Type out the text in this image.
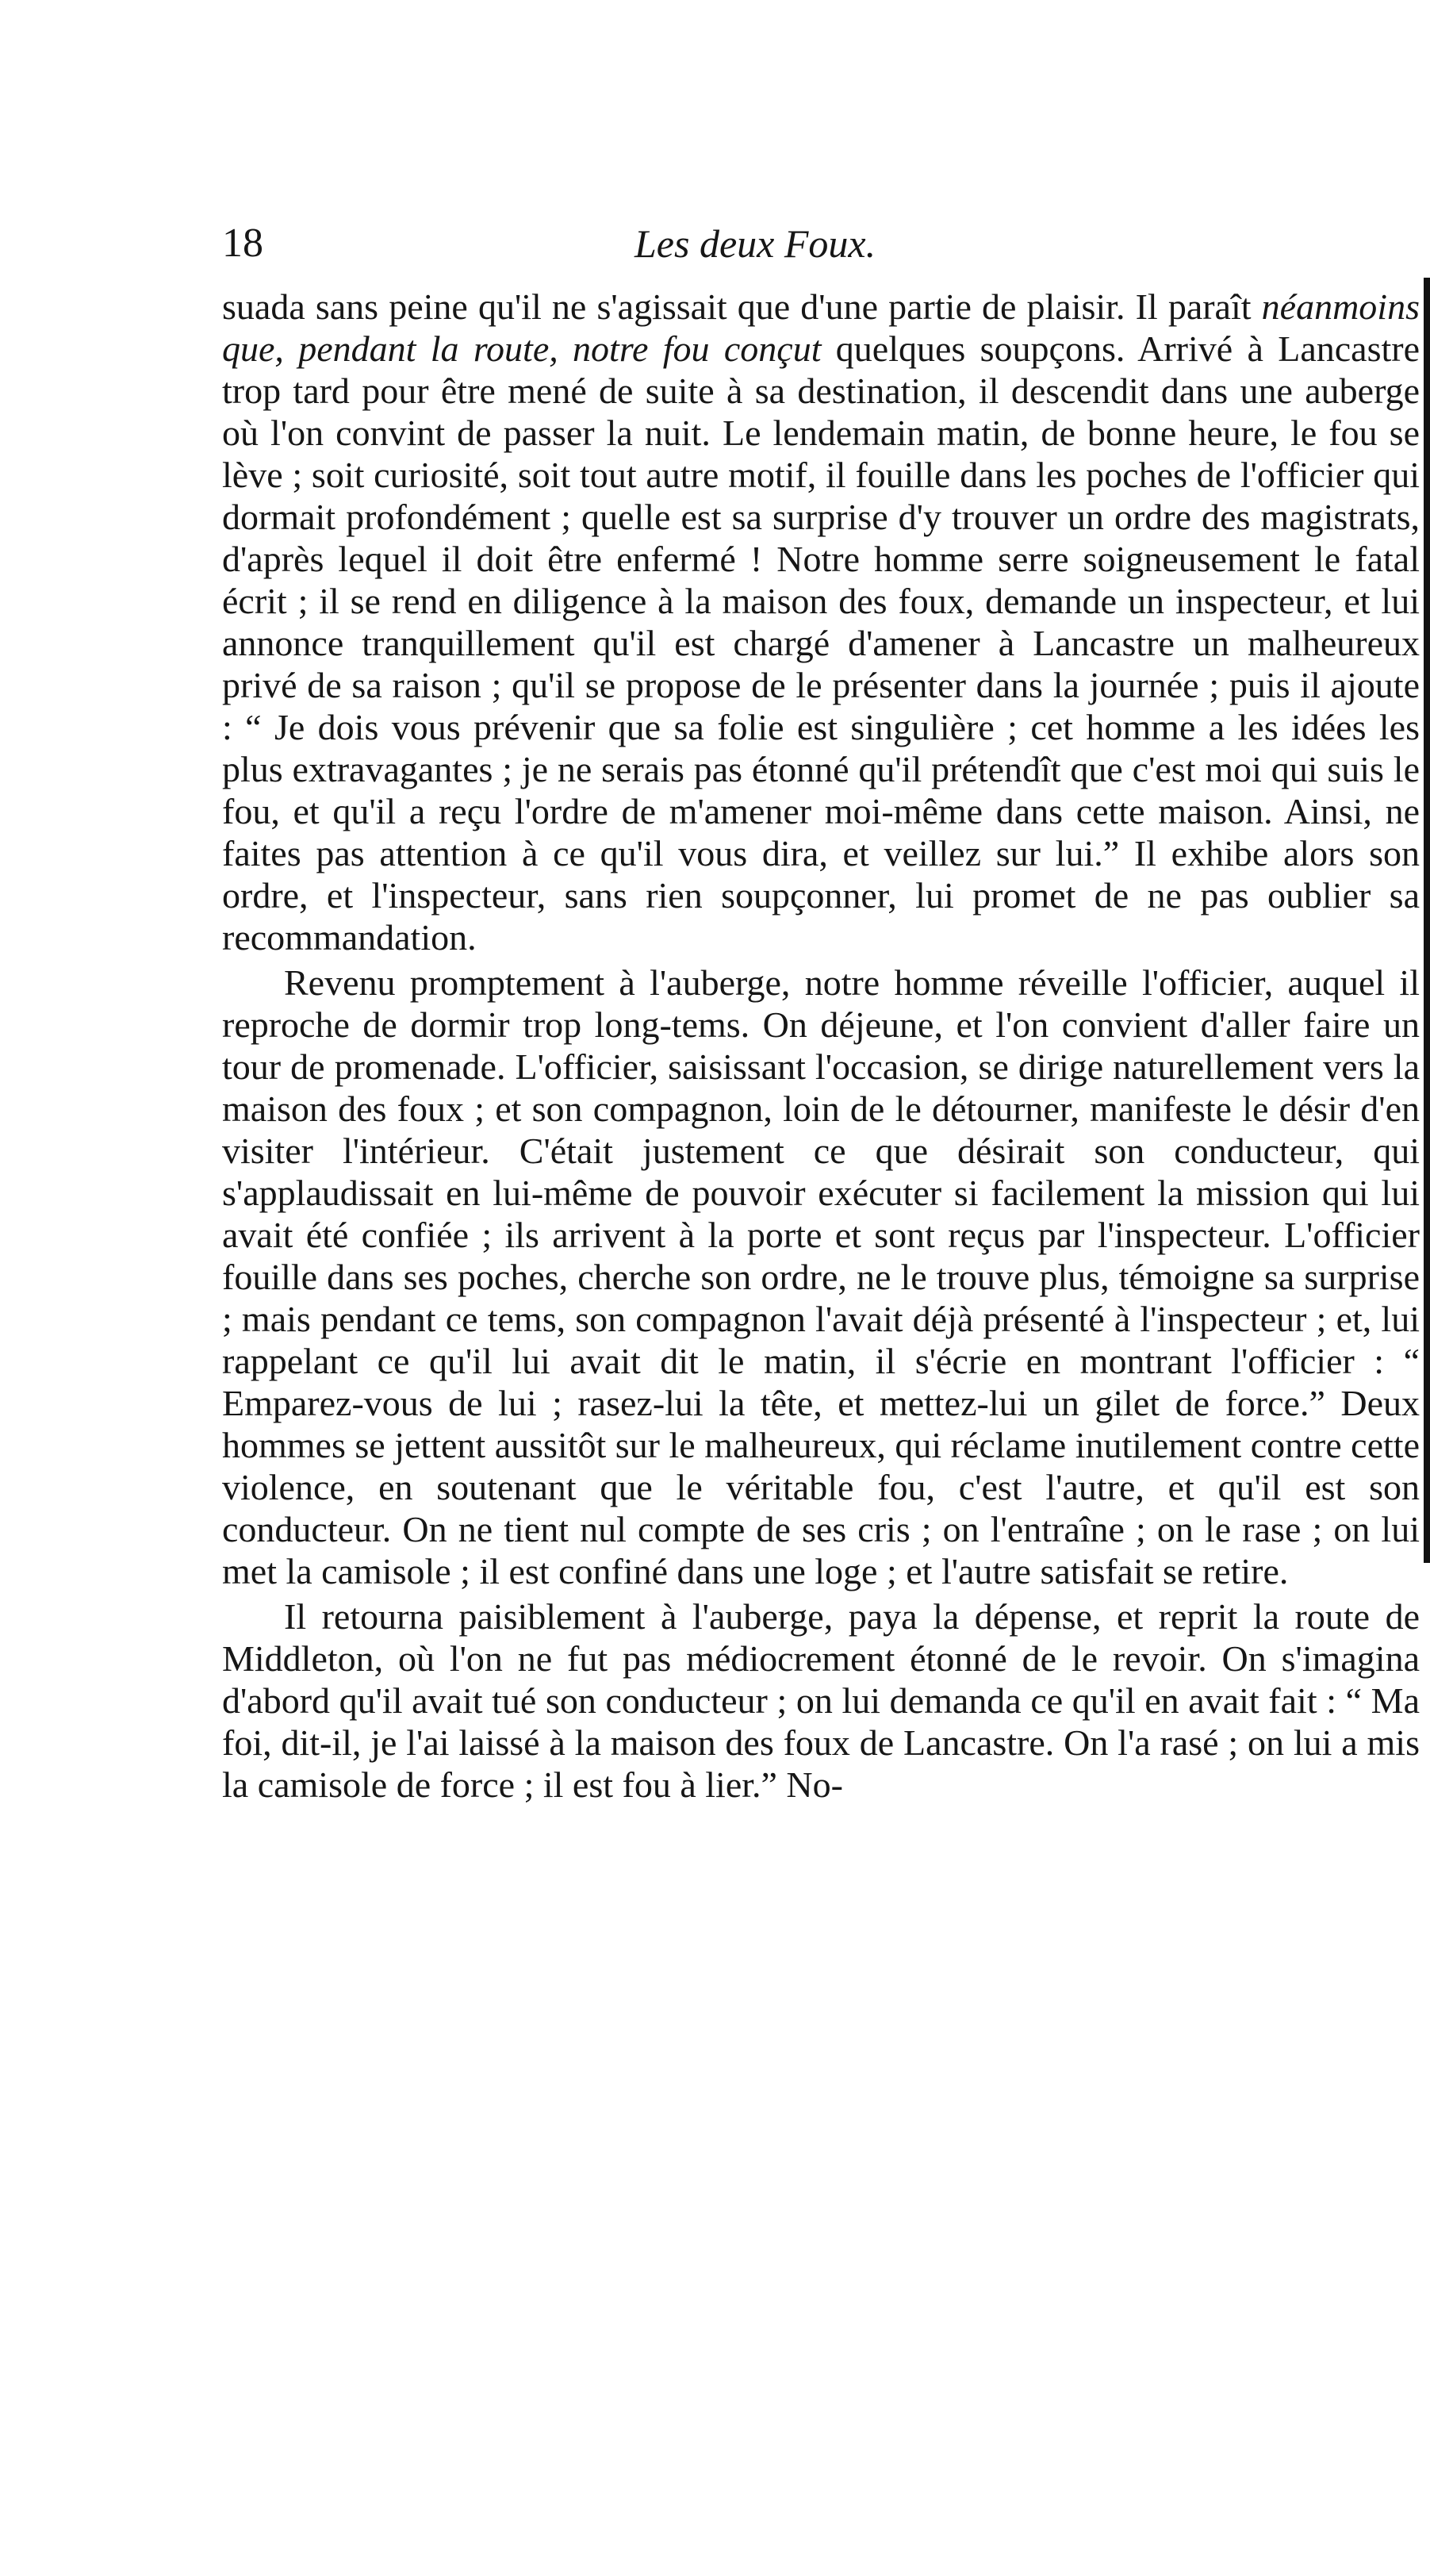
18	Les deux Foux.

suada sans peine qu'il ne s'agissait que d'une partie de plaisir. Il paraît néanmoins que, pendant la route, notre fou conçut quelques soupçons. Arrivé à Lancastre trop tard pour être mené de suite à sa destination, il descendit dans une auberge où l'on convint de passer la nuit. Le lendemain matin, de bonne heure, le fou se lève ; soit curiosité, soit tout autre motif, il fouille dans les poches de l'officier qui dormait profondément ; quelle est sa surprise d'y trouver un ordre des magistrats, d'après lequel il doit être enfermé ! Notre homme serre soigneusement le fatal écrit ; il se rend en diligence à la maison des foux, demande un inspecteur, et lui annonce tranquillement qu'il est chargé d'amener à Lancastre un malheureux privé de sa raison ; qu'il se propose de le présenter dans la journée ; puis il ajoute : “ Je dois vous prévenir que sa folie est singulière ; cet homme a les idées les plus extravagantes ; je ne serais pas étonné qu'il prétendît que c'est moi qui suis le fou, et qu'il a reçu l'ordre de m'amener moi-même dans cette maison. Ainsi, ne faites pas attention à ce qu'il vous dira, et veillez sur lui.” Il exhibe alors son ordre, et l'inspecteur, sans rien soupçonner, lui promet de ne pas oublier sa recommandation.

Revenu promptement à l'auberge, notre homme réveille l'officier, auquel il reproche de dormir trop long-tems. On déjeune, et l'on convient d'aller faire un tour de promenade. L'officier, saisissant l'occasion, se dirige naturellement vers la maison des foux ; et son compagnon, loin de le détourner, manifeste le désir d'en visiter l'intérieur. C'était justement ce que désirait son conducteur, qui s'applaudissait en lui-même de pouvoir exécuter si facilement la mission qui lui avait été confiée ; ils arrivent à la porte et sont reçus par l'inspecteur. L'officier fouille dans ses poches, cherche son ordre, ne le trouve plus, témoigne sa surprise ; mais pendant ce tems, son compagnon l'avait déjà présenté à l'inspecteur ; et, lui rappelant ce qu'il lui avait dit le matin, il s'écrie en montrant l'officier : “ Emparez-vous de lui ; rasez-lui la tête, et mettez-lui un gilet de force.” Deux hommes se jettent aussitôt sur le malheureux, qui réclame inutilement contre cette violence, en soutenant que le véritable fou, c'est l'autre, et qu'il est son conducteur. On ne tient nul compte de ses cris ; on l'entraîne ; on le rase ; on lui met la camisole ; il est confiné dans une loge ; et l'autre satisfait se retire.

Il retourna paisiblement à l'auberge, paya la dépense, et reprit la route de Middleton, où l'on ne fut pas médiocrement étonné de le revoir. On s'imagina d'abord qu'il avait tué son conducteur ; on lui demanda ce qu'il en avait fait : “ Ma foi, dit-il, je l'ai laissé à la maison des foux de Lancastre. On l'a rasé ; on lui a mis la camisole de force ; il est fou à lier.” No-
